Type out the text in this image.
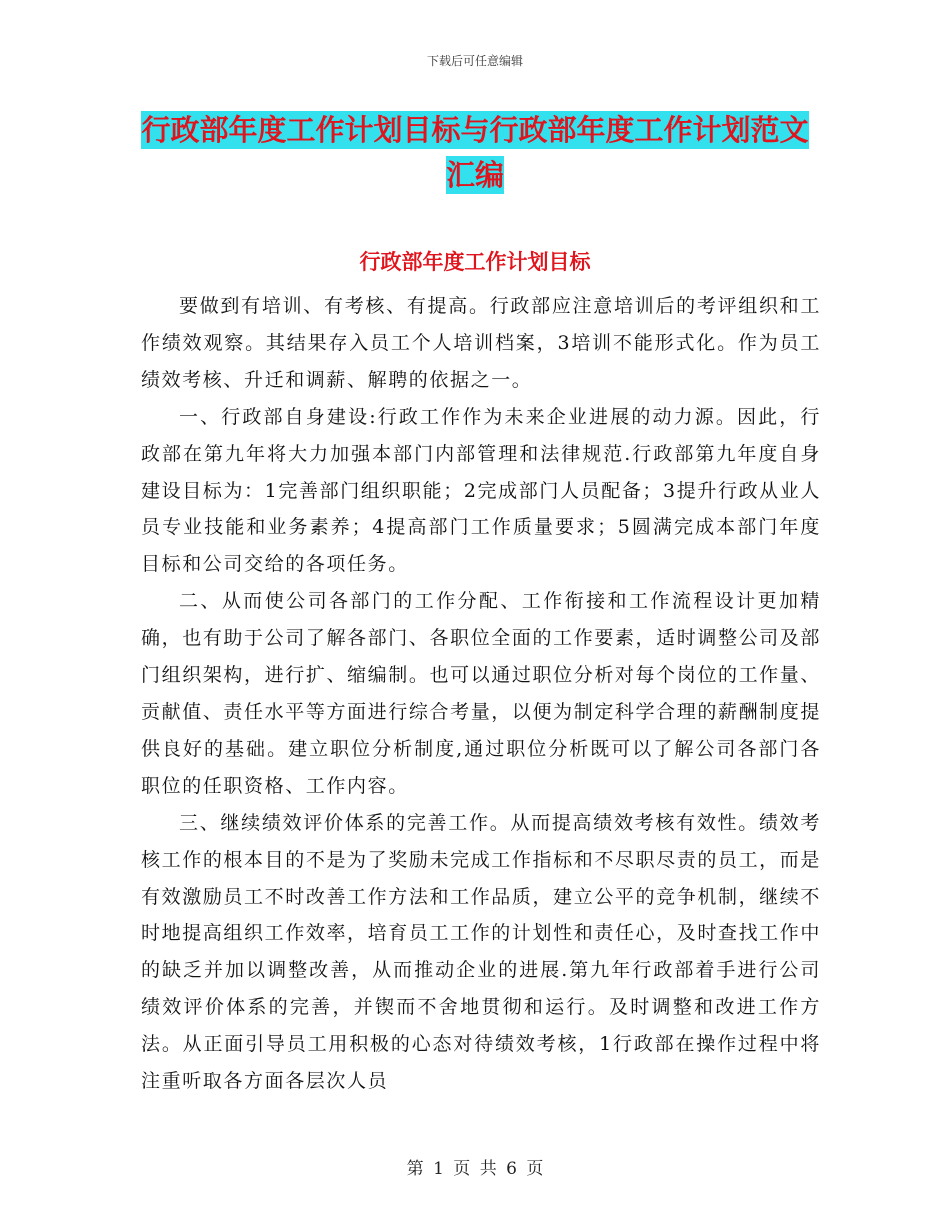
下载后可任意编辑
行政部年度工作计划目标与行政部年度工作计划范文
汇编
行政部年度工作计划目标

要做到有培训、有考核、有提高。行政部应注意培训后的考评组织和工作绩效观察。其结果存入员工个人培训档案，3培训不能形式化。作为员工绩效考核、升迁和调薪、解聘的依据之一。

一、行政部自身建设:行政工作作为未来企业进展的动力源。因此，行政部在第九年将大力加强本部门内部管理和法律规范.行政部第九年度自身建设目标为：1完善部门组织职能；2完成部门人员配备；3提升行政从业人员专业技能和业务素养；4提高部门工作质量要求；5圆满完成本部门年度目标和公司交给的各项任务。

二、从而使公司各部门的工作分配、工作衔接和工作流程设计更加精确，也有助于公司了解各部门、各职位全面的工作要素，适时调整公司及部门组织架构，进行扩、缩编制。也可以通过职位分析对每个岗位的工作量、贡献值、责任水平等方面进行综合考量，以便为制定科学合理的薪酬制度提供良好的基础。建立职位分析制度,通过职位分析既可以了解公司各部门各职位的任职资格、工作内容。

三、继续绩效评价体系的完善工作。从而提高绩效考核有效性。绩效考核工作的根本目的不是为了奖励未完成工作指标和不尽职尽责的员工，而是有效激励员工不时改善工作方法和工作品质，建立公平的竞争机制，继续不时地提高组织工作效率，培育员工工作的计划性和责任心，及时查找工作中的缺乏并加以调整改善，从而推动企业的进展.第九年行政部着手进行公司绩效评价体系的完善，并锲而不舍地贯彻和运行。及时调整和改进工作方法。从正面引导员工用积极的心态对待绩效考核，1行政部在操作过程中将注重听取各方面各层次人员

第 1 页 共 6 页
